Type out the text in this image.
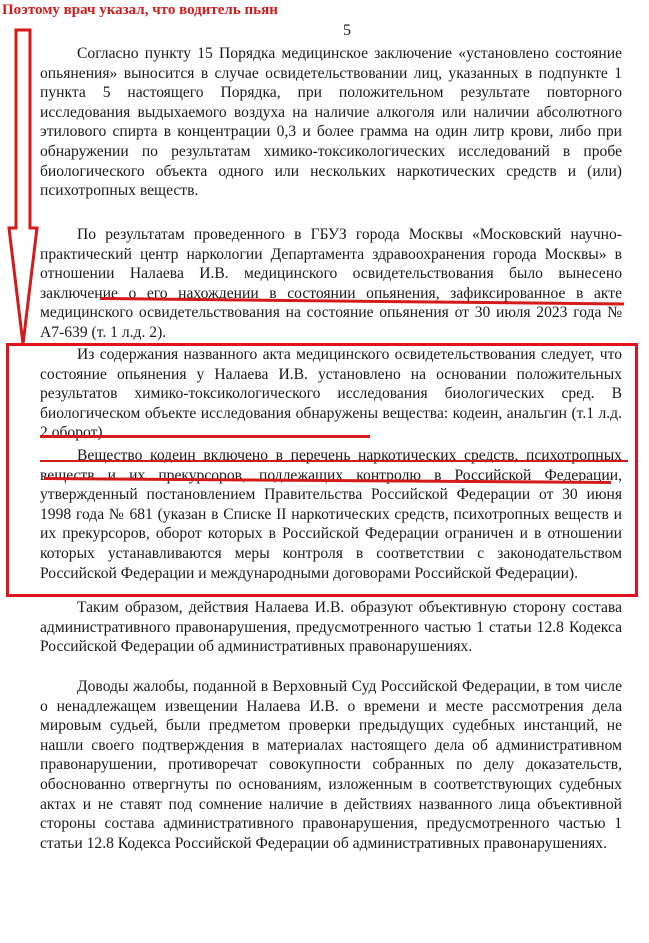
Поэтому врач указал, что водитель пьян
5

Согласно пункту 15 Порядка медицинское заключение «установлено состояние опьянения» выносится в случае освидетельствовании лиц, указанных в подпункте 1 пункта 5 настоящего Порядка, при положительном результате повторного исследования выдыхаемого воздуха на наличие алкоголя или наличии абсолютного этилового спирта в концентрации 0,3 и более грамма на один литр крови, либо при обнаружении по результатам химико-токсикологических исследований в пробе биологического объекта одного или нескольких наркотических средств и (или) психотропных веществ.

По результатам проведенного в ГБУЗ города Москвы «Московский научно-практический центр наркологии Департамента здравоохранения города Москвы» в отношении Налаева И.В. медицинского освидетельствования было вынесено заключение о его нахождении в состоянии опьянения, зафиксированное в акте медицинского освидетельствования на состояние опьянения от 30 июля 2023 года № А7-639 (т. 1 л.д. 2).

Из содержания названного акта медицинского освидетельствования следует, что состояние опьянения у Налаева И.В. установлено на основании положительных результатов химико-токсикологического исследования биологических сред. В биологическом объекте исследования обнаружены вещества: кодеин, анальгин (т.1 л.д. 2 оборот).

Вещество кодеин включено в перечень наркотических средств, психотропных веществ и их прекурсоров, подлежащих контролю в Российской Федерации, утвержденный постановлением Правительства Российской Федерации от 30 июня 1998 года № 681 (указан в Списке II наркотических средств, психотропных веществ и их прекурсоров, оборот которых в Российской Федерации ограничен и в отношении которых устанавливаются меры контроля в соответствии с законодательством Российской Федерации и международными договорами Российской Федерации).

Таким образом, действия Налаева И.В. образуют объективную сторону состава административного правонарушения, предусмотренного частью 1 статьи 12.8 Кодекса Российской Федерации об административных правонарушениях.

Доводы жалобы, поданной в Верховный Суд Российской Федерации, в том числе о ненадлежащем извещении Налаева И.В. о времени и месте рассмотрения дела мировым судьей, были предметом проверки предыдущих судебных инстанций, не нашли своего подтверждения в материалах настоящего дела об административном правонарушении, противоречат совокупности собранных по делу доказательств, обоснованно отвергнуты по основаниям, изложенным в соответствующих судебных актах и не ставят под сомнение наличие в действиях названного лица объективной стороны состава административного правонарушения, предусмотренного частью 1 статьи 12.8 Кодекса Российской Федерации об административных правонарушениях.
